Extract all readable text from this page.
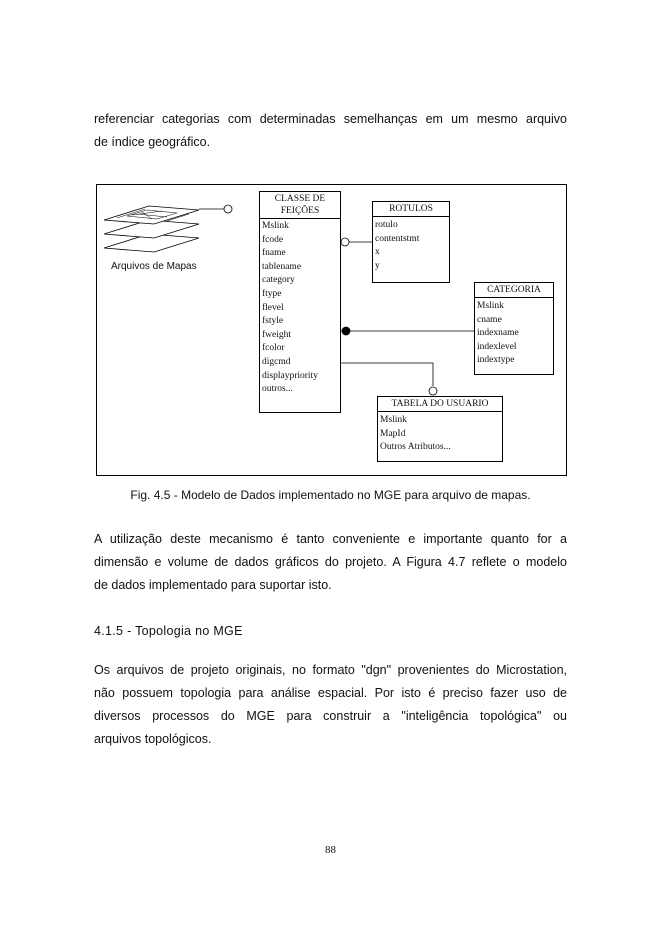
referenciar categorias com determinadas semelhanças em um mesmo arquivo
de índice geográfico.
Arquivos de Mapas
CLASSE DE
FEIÇÕES
Mslink
fcode
fname
tablename
category
ftype
flevel
fstyle
fweight
fcolor
digcmd
displaypriority
outros...
ROTULOS
rotulo
contentstmt
x
y
CATEGORIA
Mslink
cname
indexname
indexlevel
indextype
TABELA DO USUARIO
Mslink
MapId
Outros Atributos...
Fig. 4.5 - Modelo de Dados implementado no MGE para arquivo de mapas.
A utilização deste mecanismo é tanto conveniente e importante quanto for a
dimensão e volume de dados gráficos do projeto. A Figura 4.7 reflete o modelo
de dados implementado para suportar isto.
4.1.5 - Topologia no MGE
Os arquivos de projeto originais, no formato "dgn" provenientes do Microstation,
não possuem topologia para análise espacial. Por isto é preciso fazer uso de
diversos processos do MGE para construir a "inteligência topológica" ou
arquivos topológicos.
88
